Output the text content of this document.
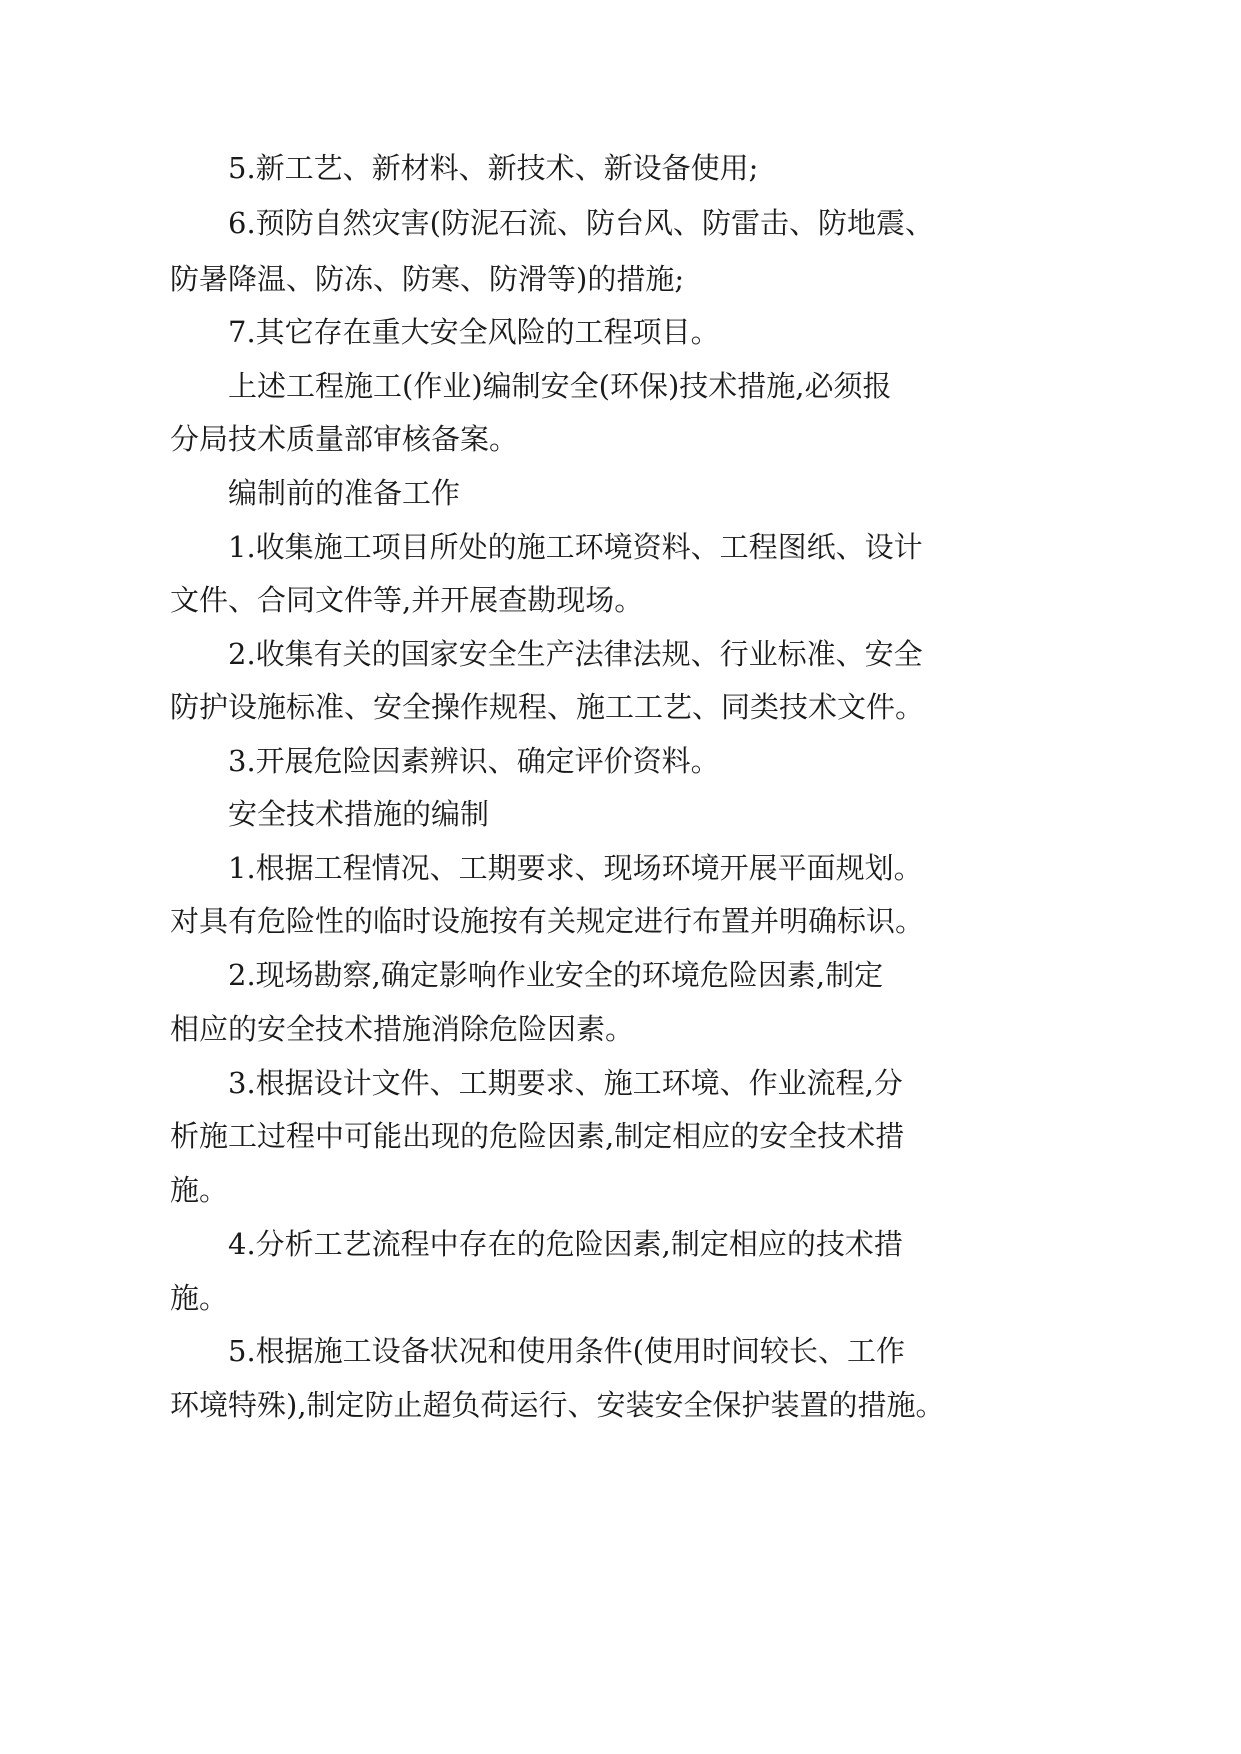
5.新工艺、新材料、新技术、新设备使用;
6.预防自然灾害(防泥石流、防台风、防雷击、防地震、
防暑降温、防冻、防寒、防滑等)的措施;
7.其它存在重大安全风险的工程项目。
上述工程施工(作业)编制安全(环保)技术措施,必须报
分局技术质量部审核备案。
编制前的准备工作
1.收集施工项目所处的施工环境资料、工程图纸、设计
文件、合同文件等,并开展查勘现场。
2.收集有关的国家安全生产法律法规、行业标准、安全
防护设施标准、安全操作规程、施工工艺、同类技术文件。
3.开展危险因素辨识、确定评价资料。
安全技术措施的编制
1.根据工程情况、工期要求、现场环境开展平面规划。
对具有危险性的临时设施按有关规定进行布置并明确标识。
2.现场勘察,确定影响作业安全的环境危险因素,制定
相应的安全技术措施消除危险因素。
3.根据设计文件、工期要求、施工环境、作业流程,分
析施工过程中可能出现的危险因素,制定相应的安全技术措
施。
4.分析工艺流程中存在的危险因素,制定相应的技术措
施。
5.根据施工设备状况和使用条件(使用时间较长、工作
环境特殊),制定防止超负荷运行、安装安全保护装置的措施。
